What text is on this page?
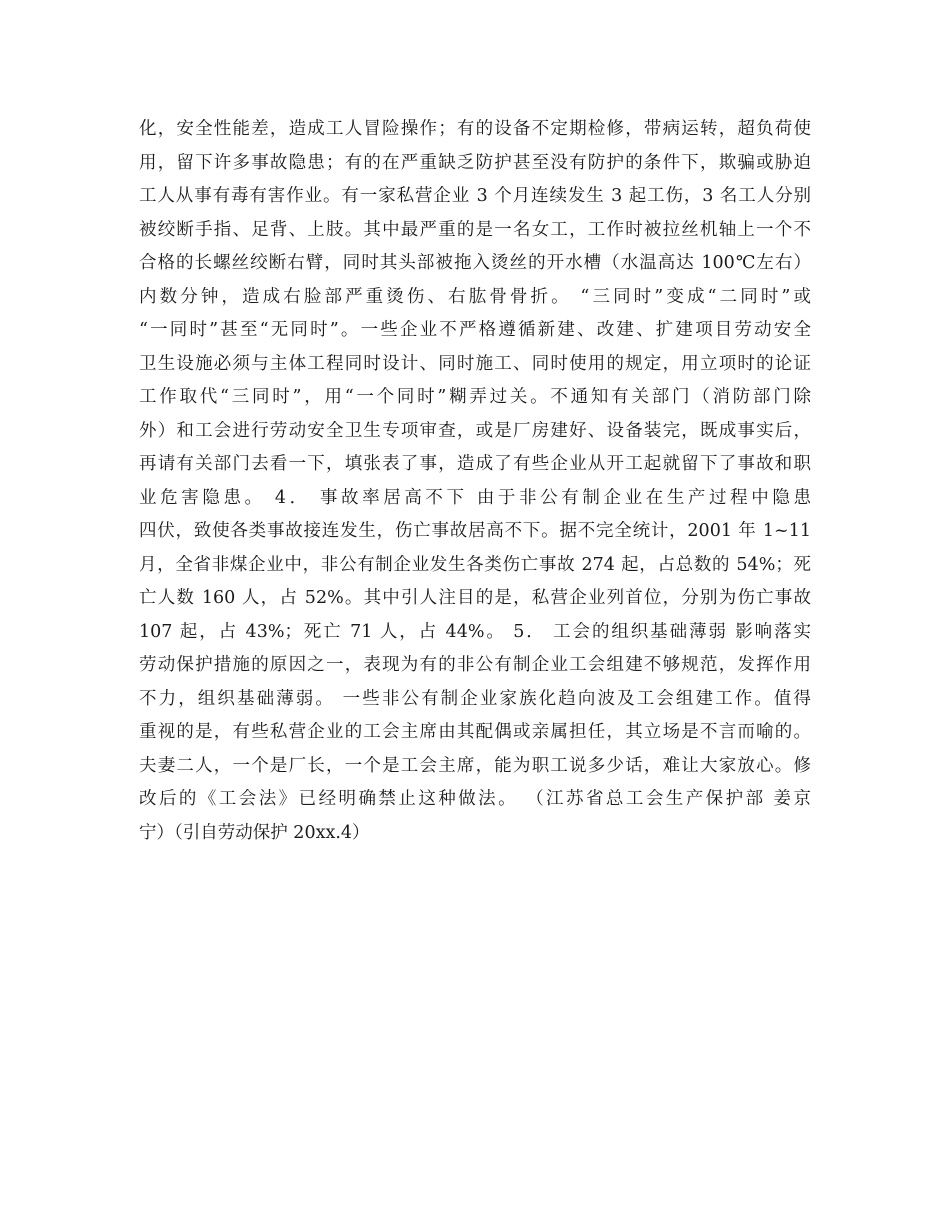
化，安全性能差，造成工人冒险操作；有的设备不定期检修，带病运转，超负荷使
用，留下许多事故隐患；有的在严重缺乏防护甚至没有防护的条件下，欺骗或胁迫
工人从事有毒有害作业。有一家私营企业 3 个月连续发生 3 起工伤，3 名工人分别
被绞断手指、足背、上肢。其中最严重的是一名女工，工作时被拉丝机轴上一个不
合格的长螺丝绞断右臂，同时其头部被拖入烫丝的开水槽（水温高达 100℃左右）
内数分钟，造成右脸部严重烫伤、右肱骨骨折。 “三同时”变成“二同时”或
“一同时”甚至“无同时”。一些企业不严格遵循新建、改建、扩建项目劳动安全
卫生设施必须与主体工程同时设计、同时施工、同时使用的规定，用立项时的论证
工作取代“三同时”，用“一个同时”糊弄过关。不通知有关部门（消防部门除
外）和工会进行劳动安全卫生专项审查，或是厂房建好、设备装完，既成事实后，
再请有关部门去看一下，填张表了事，造成了有些企业从开工起就留下了事故和职
业危害隐患。 4． 事故率居高不下 由于非公有制企业在生产过程中隐患
四伏，致使各类事故接连发生，伤亡事故居高不下。据不完全统计，2001 年 1~11
月，全省非煤企业中，非公有制企业发生各类伤亡事故 274 起，占总数的 54%；死
亡人数 160 人，占 52%。其中引人注目的是，私营企业列首位，分别为伤亡事故
107 起，占 43%；死亡 71 人，占 44%。 5． 工会的组织基础薄弱 影响落实
劳动保护措施的原因之一，表现为有的非公有制企业工会组建不够规范，发挥作用
不力，组织基础薄弱。 一些非公有制企业家族化趋向波及工会组建工作。值得
重视的是，有些私营企业的工会主席由其配偶或亲属担任，其立场是不言而喻的。
夫妻二人，一个是厂长，一个是工会主席，能为职工说多少话，难让大家放心。修
改后的《工会法》已经明确禁止这种做法。 （江苏省总工会生产保护部 姜京
宁）（引自劳动保护 20xx.4）
